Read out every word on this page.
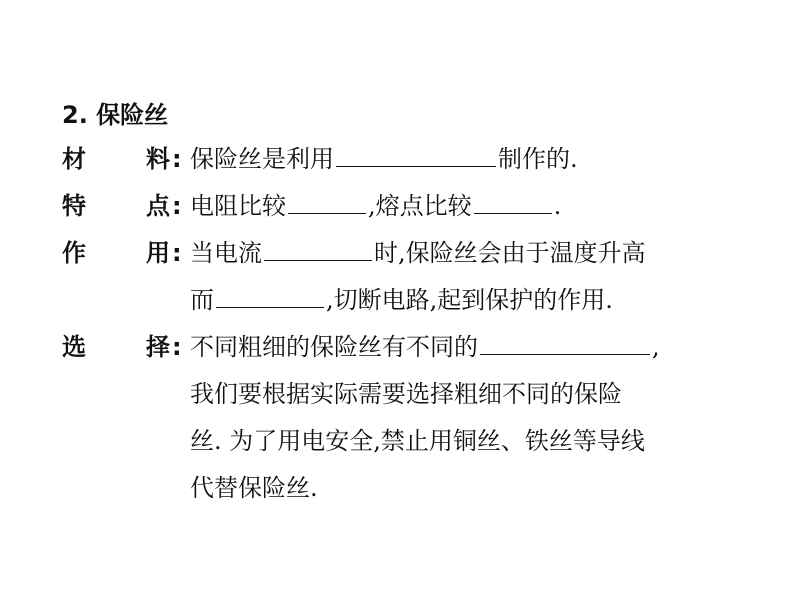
2. 保险丝
材	料 : 保险丝是利用	制作的.
特	点 : 电阻比较	,熔点比较	.
作	用 : 当电流	时,保险丝会由于温度升高
而	,切断电路,起到保护的作用.
选	择 : 不同粗细的保险丝有不同的	,
我们要根据实际需要选择粗细不同的保险
丝. 为了用电安全,禁止用铜丝、铁丝等导线
代替保险丝.
